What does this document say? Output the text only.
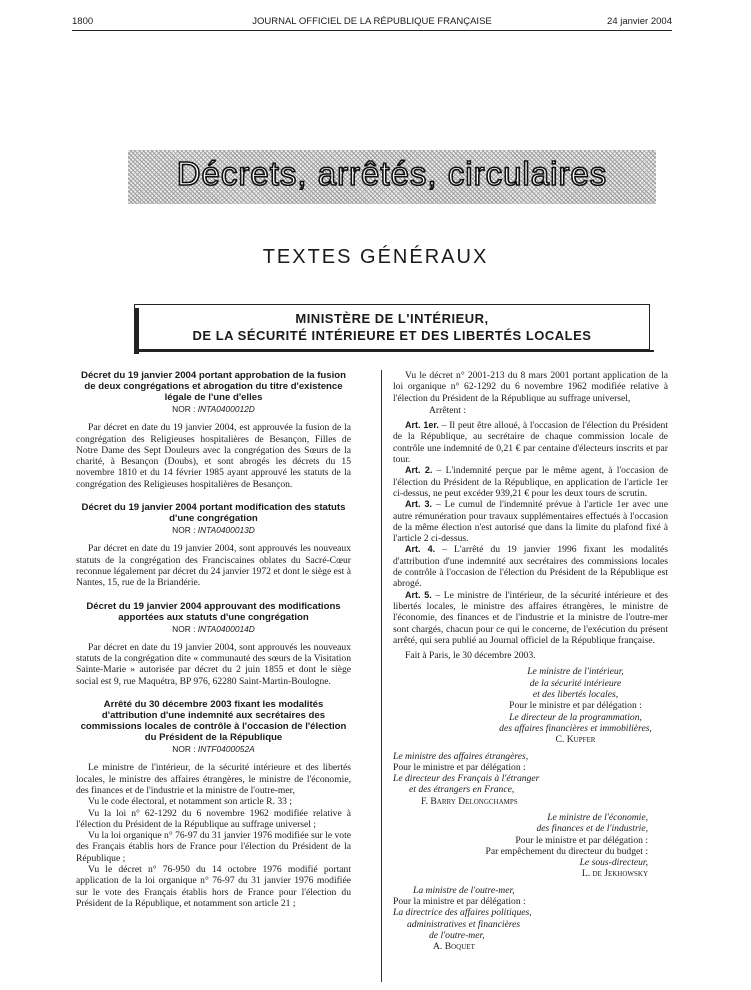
1800	JOURNAL OFFICIEL DE LA RÉPUBLIQUE FRANÇAISE	24 janvier 2004
Décrets, arrêtés, circulaires
TEXTES GÉNÉRAUX
MINISTÈRE DE L'INTÉRIEUR,
DE LA SÉCURITÉ INTÉRIEURE ET DES LIBERTÉS LOCALES
Décret du 19 janvier 2004 portant approbation de la fusion de deux congrégations et abrogation du titre d'existence légale de l'une d'elles
NOR : INTA0400012D

Par décret en date du 19 janvier 2004, est approuvée la fusion de la congrégation des Religieuses hospitalières de Besançon, Filles de Notre Dame des Sept Douleurs avec la congrégation des Sœurs de la charité, à Besançon (Doubs), et sont abrogés les décrets du 15 novembre 1810 et du 14 février 1985 ayant approuvé les statuts de la congrégation des Religieuses hospitalières de Besançon.

Décret du 19 janvier 2004 portant modification des statuts d'une congrégation
NOR : INTA0400013D

Par décret en date du 19 janvier 2004, sont approuvés les nouveaux statuts de la congrégation des Franciscaines oblates du Sacré-Cœur reconnue légalement par décret du 24 janvier 1972 et dont le siège est à Nantes, 15, rue de la Briandérie.

Décret du 19 janvier 2004 approuvant des modifications apportées aux statuts d'une congrégation
NOR : INTA0400014D

Par décret en date du 19 janvier 2004, sont approuvés les nouveaux statuts de la congrégation dite « communauté des sœurs de la Visitation Sainte-Marie » autorisée par décret du 2 juin 1855 et dont le siège social est 9, rue Maquétra, BP 976, 62280 Saint-Martin-Boulogne.

Arrêté du 30 décembre 2003 fixant les modalités d'attribution d'une indemnité aux secrétaires des commissions locales de contrôle à l'occasion de l'élection du Président de la République
NOR : INTF0400052A

Le ministre de l'intérieur, de la sécurité intérieure et des libertés locales, le ministre des affaires étrangères, le ministre de l'économie, des finances et de l'industrie et la ministre de l'outre-mer,

Vu le code électoral, et notamment son article R. 33 ;

Vu la loi n° 62-1292 du 6 novembre 1962 modifiée relative à l'élection du Président de la République au suffrage universel ;

Vu la loi organique n° 76-97 du 31 janvier 1976 modifiée sur le vote des Français établis hors de France pour l'élection du Président de la République ;

Vu le décret n° 76-950 du 14 octobre 1976 modifié portant application de la loi organique n° 76-97 du 31 janvier 1976 modifiée sur le vote des Français établis hors de France pour l'élection du Président de la République, et notamment son article 21 ;

Vu le décret n° 2001-213 du 8 mars 2001 portant application de la loi organique n° 62-1292 du 6 novembre 1962 modifiée relative à l'élection du Président de la République au suffrage universel,

Arrêtent :

Art. 1er. – Il peut être alloué, à l'occasion de l'élection du Président de la République, au secrétaire de chaque commission locale de contrôle une indemnité de 0,21 € par centaine d'électeurs inscrits et par tour.

Art. 2. – L'indemnité perçue par le même agent, à l'occasion de l'élection du Président de la République, en application de l'article 1er ci-dessus, ne peut excéder 939,21 € pour les deux tours de scrutin.

Art. 3. – Le cumul de l'indemnité prévue à l'article 1er avec une autre rémunération pour travaux supplémentaires effectués à l'occasion de la même élection n'est autorisé que dans la limite du plafond fixé à l'article 2 ci-dessus.

Art. 4. – L'arrêté du 19 janvier 1996 fixant les modalités d'attribution d'une indemnité aux secrétaires des commissions locales de contrôle à l'occasion de l'élection du Président de la République est abrogé.

Art. 5. – Le ministre de l'intérieur, de la sécurité intérieure et des libertés locales, le ministre des affaires étrangères, le ministre de l'économie, des finances et de l'industrie et la ministre de l'outre-mer sont chargés, chacun pour ce qui le concerne, de l'exécution du présent arrêté, qui sera publié au Journal officiel de la République française.

Fait à Paris, le 30 décembre 2003.

Le ministre de l'intérieur,
de la sécurité intérieure
et des libertés locales,
Pour le ministre et par délégation :
Le directeur de la programmation,
des affaires financières et immobilières,
C. Kupfer
Le ministre des affaires étrangères,
Pour le ministre et par délégation :
Le directeur des Français à l'étranger
et des étrangers en France,
F. Barry Delongchamps
Le ministre de l'économie,
des finances et de l'industrie,
Pour le ministre et par délégation :
Par empêchement du directeur du budget :
Le sous-directeur,
L. de Jekhowsky
La ministre de l'outre-mer,
Pour la ministre et par délégation :
La directrice des affaires politiques,
administratives et financières
de l'outre-mer,
A. Boquet
